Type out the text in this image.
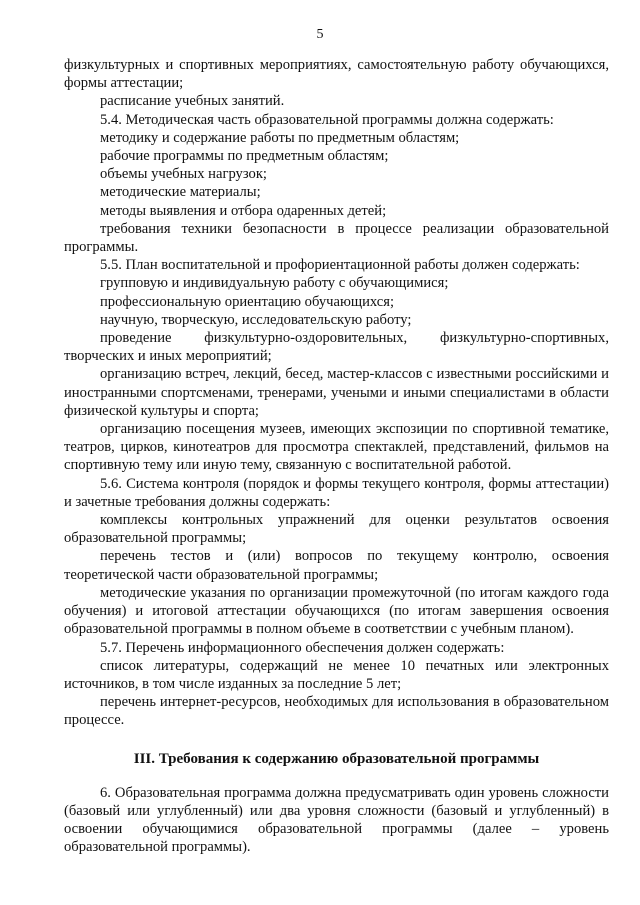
5

физкультурных и спортивных мероприятиях, самостоятельную работу обучающихся, формы аттестации;

расписание учебных занятий.

5.4. Методическая часть образовательной программы должна содержать:

методику и содержание работы по предметным областям;

рабочие программы по предметным областям;

объемы учебных нагрузок;

методические материалы;

методы выявления и отбора одаренных детей;

требования техники безопасности в процессе реализации образовательной программы.

5.5. План воспитательной и профориентационной работы должен содержать:

групповую и индивидуальную работу с обучающимися;

профессиональную ориентацию обучающихся;

научную, творческую, исследовательскую работу;

проведение физкультурно-оздоровительных, физкультурно-спортивных, творческих и иных мероприятий;

организацию встреч, лекций, бесед, мастер-классов с известными российскими и иностранными спортсменами, тренерами, учеными и иными специалистами в области физической культуры и спорта;

организацию посещения музеев, имеющих экспозиции по спортивной тематике, театров, цирков, кинотеатров для просмотра спектаклей, представлений, фильмов на спортивную тему или иную тему, связанную с воспитательной работой.

5.6. Система контроля (порядок и формы текущего контроля, формы аттестации) и зачетные требования должны содержать:

комплексы контрольных упражнений для оценки результатов освоения образовательной программы;

перечень тестов и (или) вопросов по текущему контролю, освоения теоретической части образовательной программы;

методические указания по организации промежуточной (по итогам каждого года обучения) и итоговой аттестации обучающихся (по итогам завершения освоения образовательной программы в полном объеме в соответствии с учебным планом).

5.7. Перечень информационного обеспечения должен содержать:

список литературы, содержащий не менее 10 печатных или электронных источников, в том числе изданных за последние 5 лет;

перечень интернет-ресурсов, необходимых для использования в образовательном процессе.

III. Требования к содержанию образовательной программы

6. Образовательная программа должна предусматривать один уровень сложности (базовый или углубленный) или два уровня сложности (базовый и углубленный) в освоении обучающимися образовательной программы (далее – уровень образовательной программы).
